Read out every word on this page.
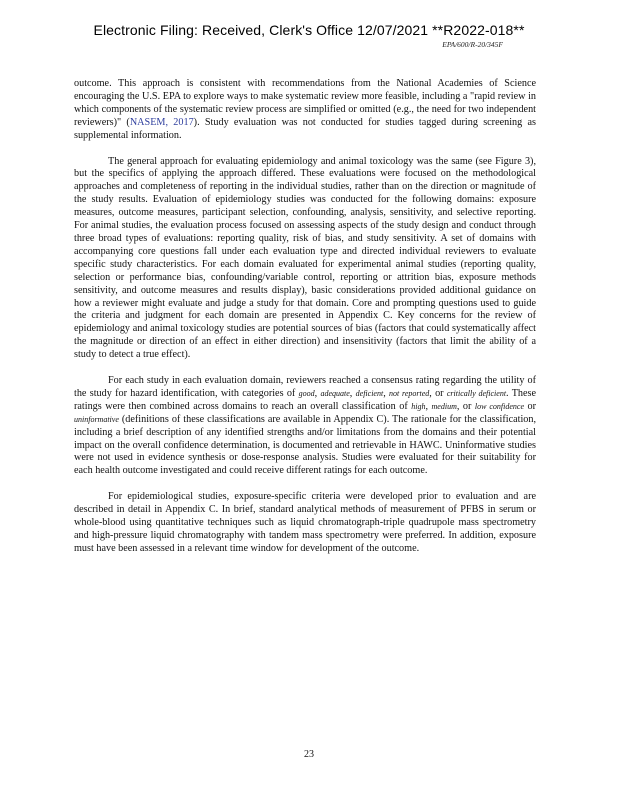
Electronic Filing: Received, Clerk's Office 12/07/2021 **R2022-018**
EPA/600/R-20/345F

outcome. This approach is consistent with recommendations from the National Academies of Science encouraging the U.S. EPA to explore ways to make systematic review more feasible, including a "rapid review in which components of the systematic review process are simplified or omitted (e.g., the need for two independent reviewers)" (NASEM, 2017). Study evaluation was not conducted for studies tagged during screening as supplemental information.

The general approach for evaluating epidemiology and animal toxicology was the same (see Figure 3), but the specifics of applying the approach differed. These evaluations were focused on the methodological approaches and completeness of reporting in the individual studies, rather than on the direction or magnitude of the study results. Evaluation of epidemiology studies was conducted for the following domains: exposure measures, outcome measures, participant selection, confounding, analysis, sensitivity, and selective reporting. For animal studies, the evaluation process focused on assessing aspects of the study design and conduct through three broad types of evaluations: reporting quality, risk of bias, and study sensitivity. A set of domains with accompanying core questions fall under each evaluation type and directed individual reviewers to evaluate specific study characteristics. For each domain evaluated for experimental animal studies (reporting quality, selection or performance bias, confounding/variable control, reporting or attrition bias, exposure methods sensitivity, and outcome measures and results display), basic considerations provided additional guidance on how a reviewer might evaluate and judge a study for that domain. Core and prompting questions used to guide the criteria and judgment for each domain are presented in Appendix C. Key concerns for the review of epidemiology and animal toxicology studies are potential sources of bias (factors that could systematically affect the magnitude or direction of an effect in either direction) and insensitivity (factors that limit the ability of a study to detect a true effect).

For each study in each evaluation domain, reviewers reached a consensus rating regarding the utility of the study for hazard identification, with categories of good, adequate, deficient, not reported, or critically deficient. These ratings were then combined across domains to reach an overall classification of high, medium, or low confidence or uninformative (definitions of these classifications are available in Appendix C). The rationale for the classification, including a brief description of any identified strengths and/or limitations from the domains and their potential impact on the overall confidence determination, is documented and retrievable in HAWC. Uninformative studies were not used in evidence synthesis or dose-response analysis. Studies were evaluated for their suitability for each health outcome investigated and could receive different ratings for each outcome.

For epidemiological studies, exposure-specific criteria were developed prior to evaluation and are described in detail in Appendix C. In brief, standard analytical methods of measurement of PFBS in serum or whole-blood using quantitative techniques such as liquid chromatograph-triple quadrupole mass spectrometry and high-pressure liquid chromatography with tandem mass spectrometry were preferred. In addition, exposure must have been assessed in a relevant time window for development of the outcome.

23
